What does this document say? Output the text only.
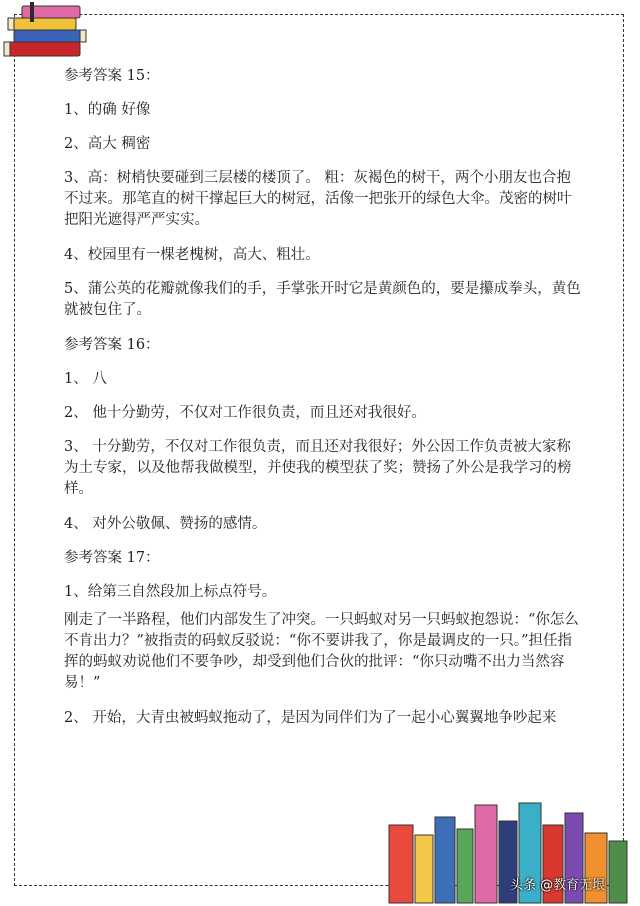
参考答案 15：

1、的确 好像

2、高大 稠密

3、高：树梢快要碰到三层楼的楼顶了。 粗：灰褐色的树干，两个小朋友也合抱不过来。那笔直的树干撑起巨大的树冠，活像一把张开的绿色大伞。茂密的树叶把阳光遮得严严实实。

4、校园里有一棵老槐树，高大、粗壮。

5、蒲公英的花瓣就像我们的手，手掌张开时它是黄颜色的，要是攥成拳头，黄色就被包住了。

参考答案 16：

1、 八

2、 他十分勤劳，不仅对工作很负责，而且还对我很好。

3、 十分勤劳，不仅对工作很负责，而且还对我很好；外公因工作负责被大家称为土专家，以及他帮我做模型，并使我的模型获了奖；赞扬了外公是我学习的榜样。

4、 对外公敬佩、赞扬的感情。

参考答案 17：

1、给第三自然段加上标点符号。

刚走了一半路程，他们内部发生了冲突。一只蚂蚁对另一只蚂蚁抱怨说：“你怎么不肯出力？”被指责的码蚁反驳说：“你不要讲我了，你是最调皮的一只。”担任指挥的蚂蚁劝说他们不要争吵，却受到他们合伙的批评：“你只动嘴不出力当然容易！”

2、 开始，大青虫被蚂蚁拖动了，是因为同伴们为了一起小心翼翼地争吵起来

头条 @教育无垠
